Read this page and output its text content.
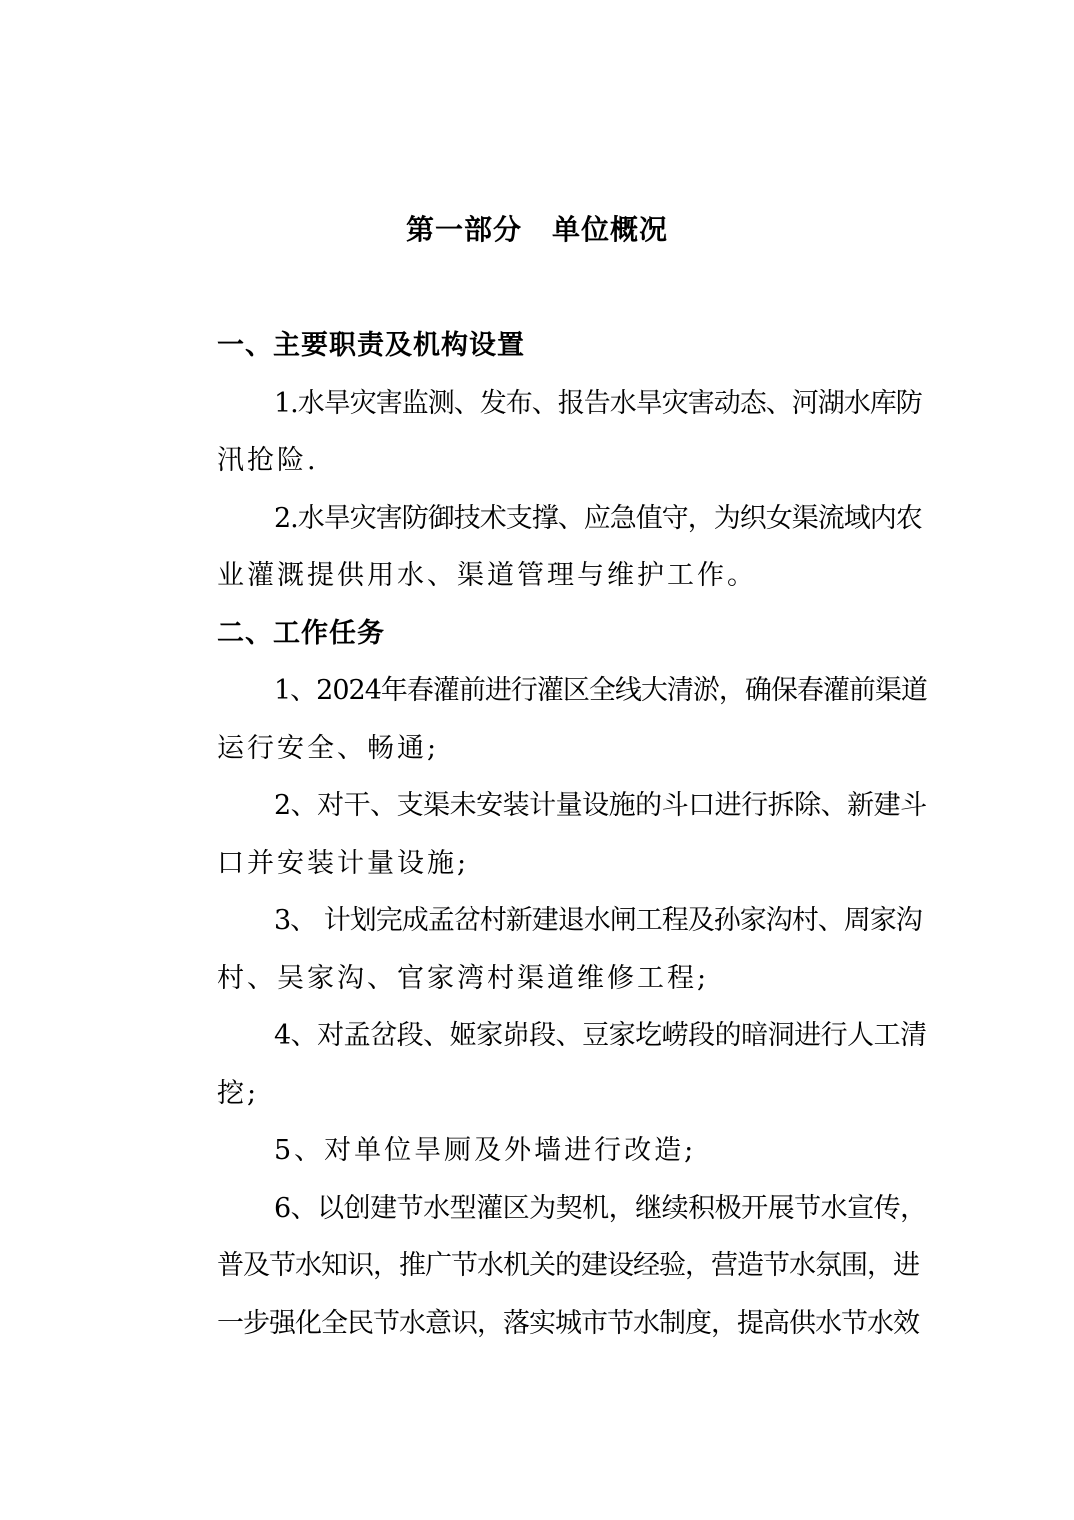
第一部分 单位概况
一、主要职责及机构设置
1.水旱灾害监测、发布、报告水旱灾害动态、河湖水库防
汛抢险.
2.水旱灾害防御技术支撑、应急值守，为织女渠流域内农
业灌溉提供用水、渠道管理与维护工作。
二、工作任务
1、2024年春灌前进行灌区全线大清淤，确保春灌前渠道
运行安全、畅通;
2、对干、支渠未安装计量设施的斗口进行拆除、新建斗
口并安装计量设施;
3、 计划完成孟岔村新建退水闸工程及孙家沟村、周家沟
村、吴家沟、官家湾村渠道维修工程;
4、对孟岔段、姬家峁段、豆家圪崂段的暗洞进行人工清
挖;
5、对单位旱厕及外墙进行改造;
6、以创建节水型灌区为契机，继续积极开展节水宣传，
普及节水知识，推广节水机关的建设经验，营造节水氛围，进
一步强化全民节水意识，落实城市节水制度，提高供水节水效
